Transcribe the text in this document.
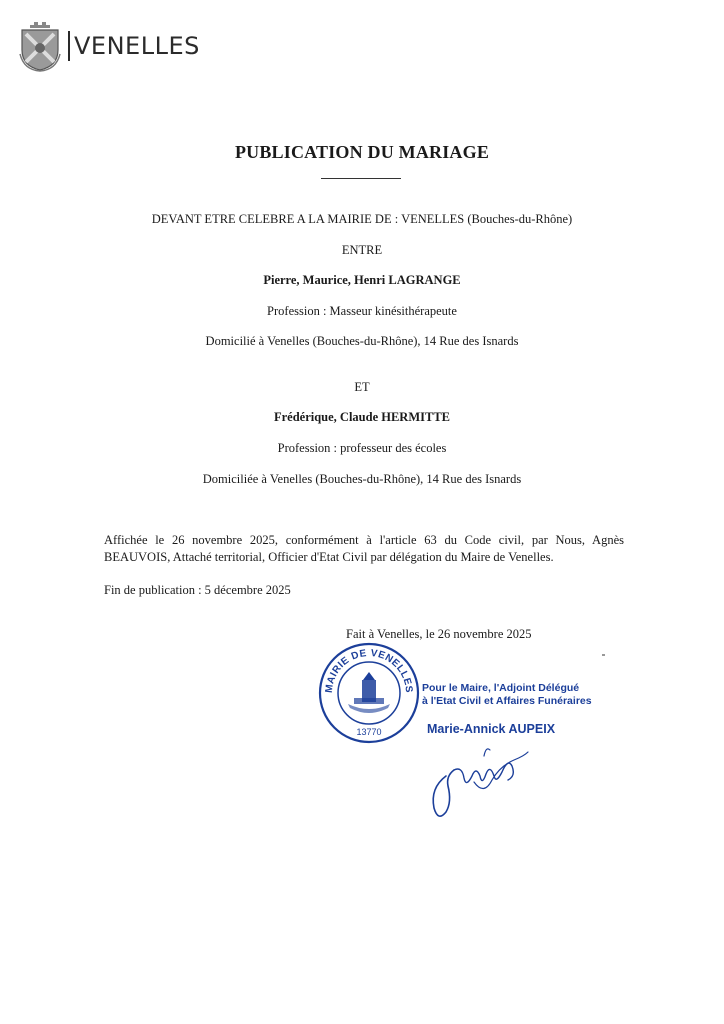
VENELLES
PUBLICATION DU MARIAGE
DEVANT ETRE CELEBRE A LA MAIRIE DE : VENELLES (Bouches-du-Rhône)
ENTRE
Pierre, Maurice, Henri LAGRANGE
Profession : Masseur kinésithérapeute
Domicilié à Venelles (Bouches-du-Rhône), 14 Rue des Isnards
ET
Frédérique, Claude HERMITTE
Profession : professeur des écoles
Domiciliée à Venelles (Bouches-du-Rhône), 14 Rue des Isnards
Affichée le 26 novembre 2025, conformément à l'article 63 du Code civil, par Nous, Agnès BEAUVOIS, Attaché territorial, Officier d'Etat Civil par délégation du Maire de Venelles.
Fin de publication : 5 décembre 2025
Fait à Venelles, le 26 novembre 2025
MAIRIE DE VENELLES
13770
Pour le Maire, l'Adjoint Délégué
à l'Etat Civil et Affaires Funéraires
Marie-Annick AUPEIX
